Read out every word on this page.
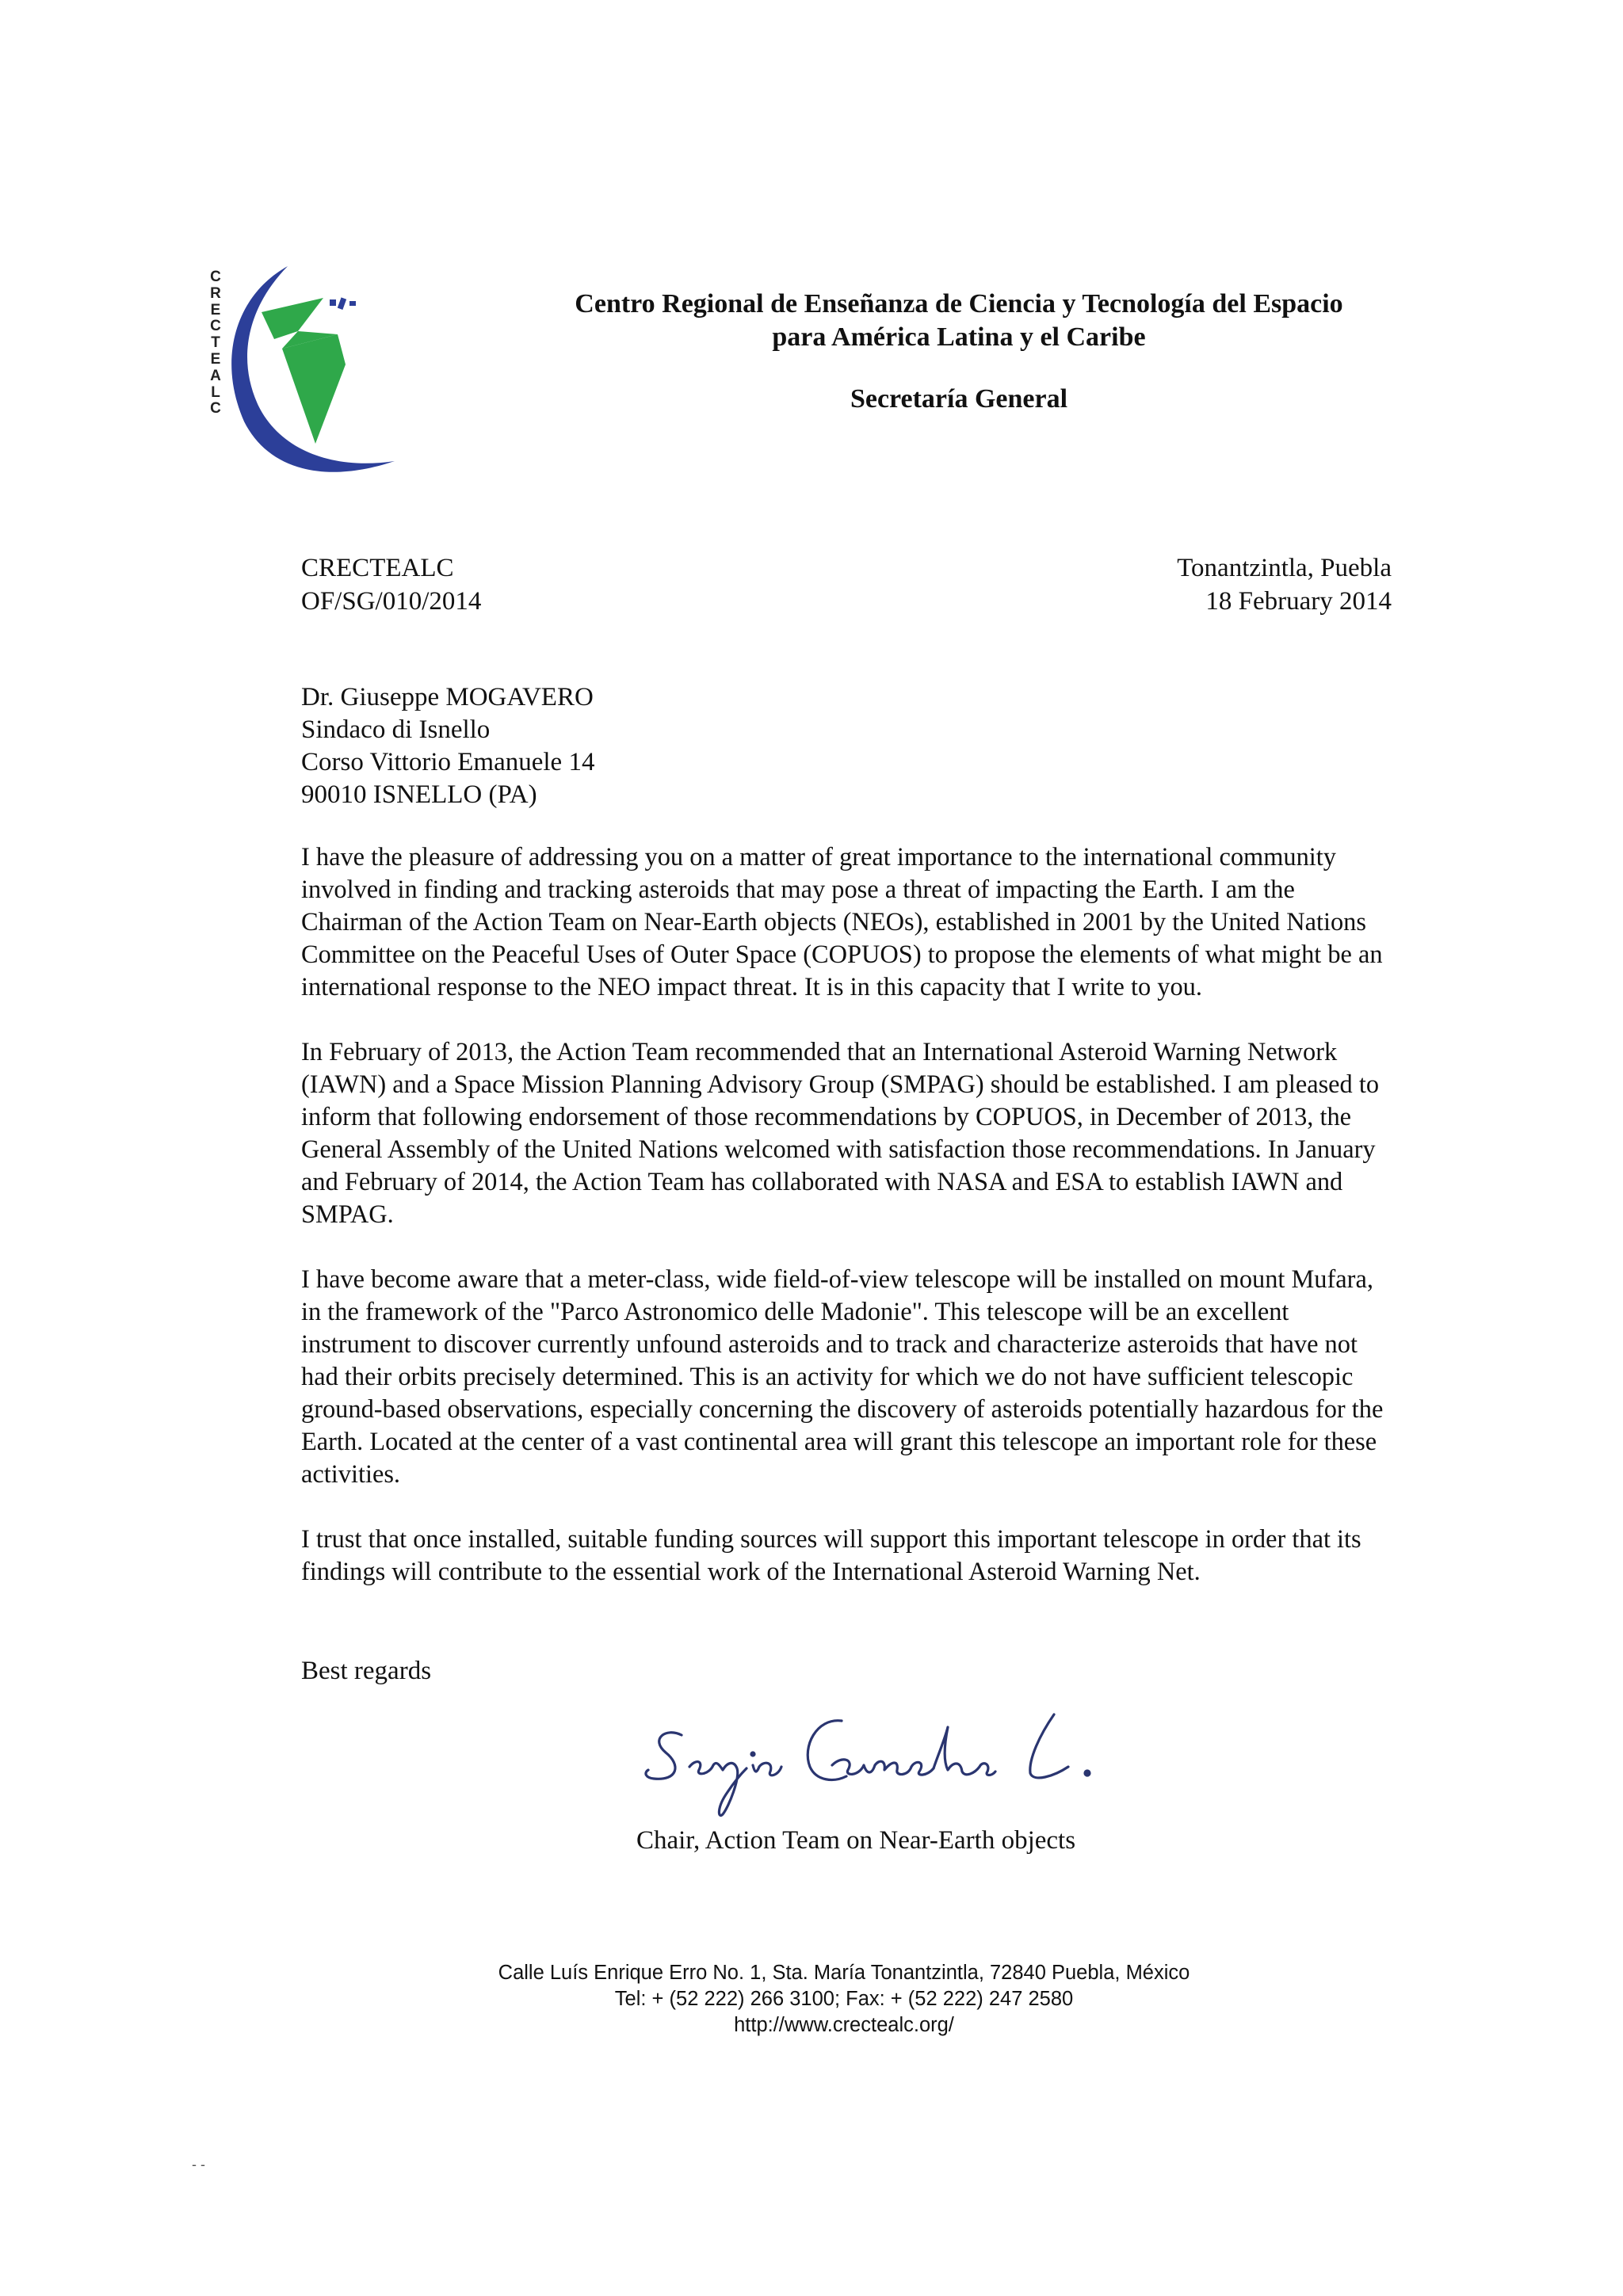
C
R
E
C
T
E
A
L
C
Centro Regional de Enseñanza de Ciencia y Tecnología del Espacio
para América Latina y el Caribe
Secretaría General
CRECTEALC
OF/SG/010/2014
Tonantzintla, Puebla
18 February 2014
Dr. Giuseppe MOGAVERO
Sindaco di Isnello
Corso Vittorio Emanuele 14
90010 ISNELLO (PA)

I have the pleasure of addressing you on a matter of great importance to the international community involved in finding and tracking asteroids that may pose a threat of impacting the Earth. I am the Chairman of the Action Team on Near-Earth objects (NEOs), established in 2001 by the United Nations Committee on the Peaceful Uses of Outer Space (COPUOS) to propose the elements of what might be an international response to the NEO impact threat. It is in this capacity that I write to you.

In February of 2013, the Action Team recommended that an International Asteroid Warning Network (IAWN) and a Space Mission Planning Advisory Group (SMPAG) should be established. I am pleased to inform that following endorsement of those recommendations by COPUOS, in December of 2013, the General Assembly of the United Nations welcomed with satisfaction those recommendations. In January and February of 2014, the Action Team has collaborated with NASA and ESA to establish IAWN and SMPAG.

I have become aware that a meter-class, wide field-of-view telescope will be installed on mount Mufara, in the framework of the "Parco Astronomico delle Madonie". This telescope will be an excellent instrument to discover currently unfound asteroids and to track and characterize asteroids that have not had their orbits precisely determined. This is an activity for which we do not have sufficient telescopic ground-based observations, especially concerning the discovery of asteroids potentially hazardous for the Earth. Located at the center of a vast continental area will grant this telescope an important role for these activities.

I trust that once installed, suitable funding sources will support this important telescope in order that its findings will contribute to the essential work of the International Asteroid Warning Net.

Best regards
Chair, Action Team on Near-Earth objects
Calle Luís Enrique Erro No. 1, Sta. María Tonantzintla, 72840 Puebla, México
Tel: + (52 222) 266 3100; Fax: + (52 222) 247 2580
http://www.crectealc.org/
- -
